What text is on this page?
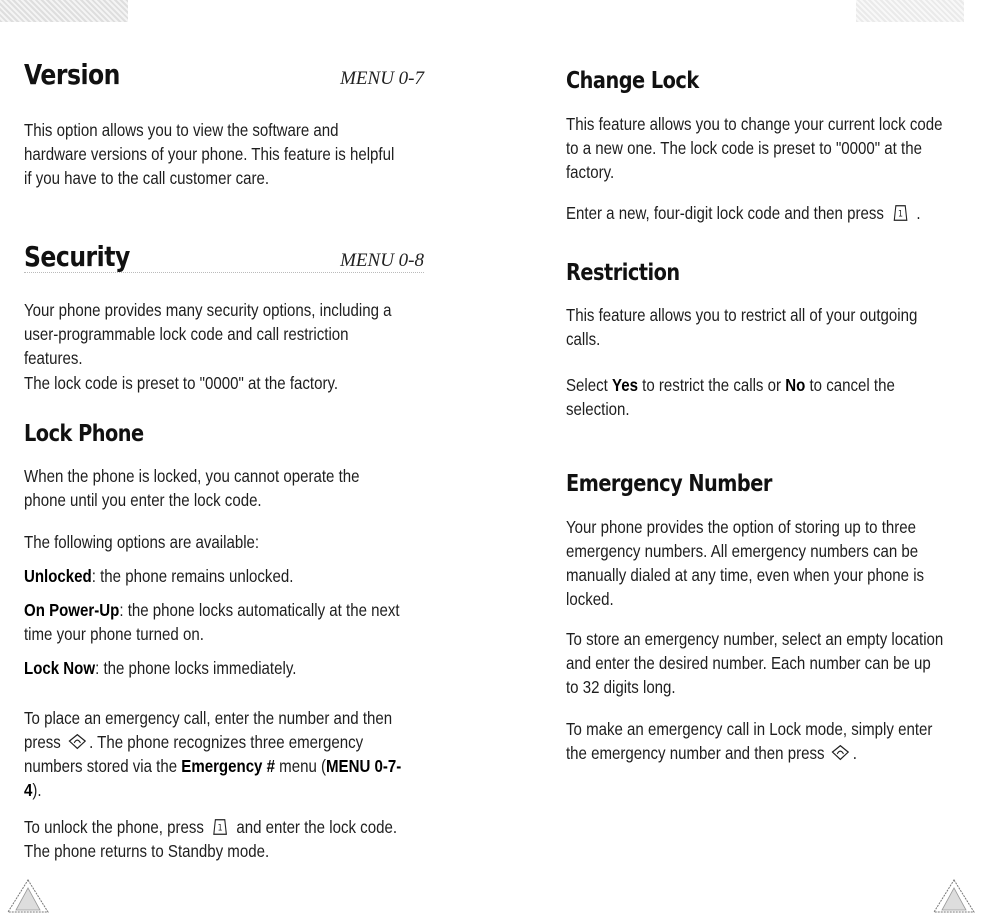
Version	MENU 0-7

This option allows you to view the software and hardware versions of your phone. This feature is helpful if you have to the call customer care.

Security	MENU 0-8

Your phone provides many security options, including a user-programmable lock code and call restriction features.

The lock code is preset to "0000" at the factory.

Lock Phone

When the phone is locked, you cannot operate the phone until you enter the lock code.

The following options are available:

Unlocked: the phone remains unlocked.

On Power-Up: the phone locks automatically at the next time your phone turned on.

Lock Now: the phone locks immediately.

To place an emergency call, enter the number and then press . The phone recognizes three emergency numbers stored via the Emergency # menu (MENU 0-7-4).

To unlock the phone, press 1 and enter the lock code. The phone returns to Standby mode.

Change Lock

This feature allows you to change your current lock code to a new one. The lock code is preset to "0000" at the factory.

Enter a new, four-digit lock code and then press 1 .

Restriction

This feature allows you to restrict all of your outgoing calls.

Select Yes to restrict the calls or No to cancel the selection.

Emergency Number

Your phone provides the option of storing up to three emergency numbers. All emergency numbers can be manually dialed at any time, even when your phone is locked.

To store an emergency number, select an empty location and enter the desired number. Each number can be up to 32 digits long.

To make an emergency call in Lock mode, simply enter the emergency number and then press .
